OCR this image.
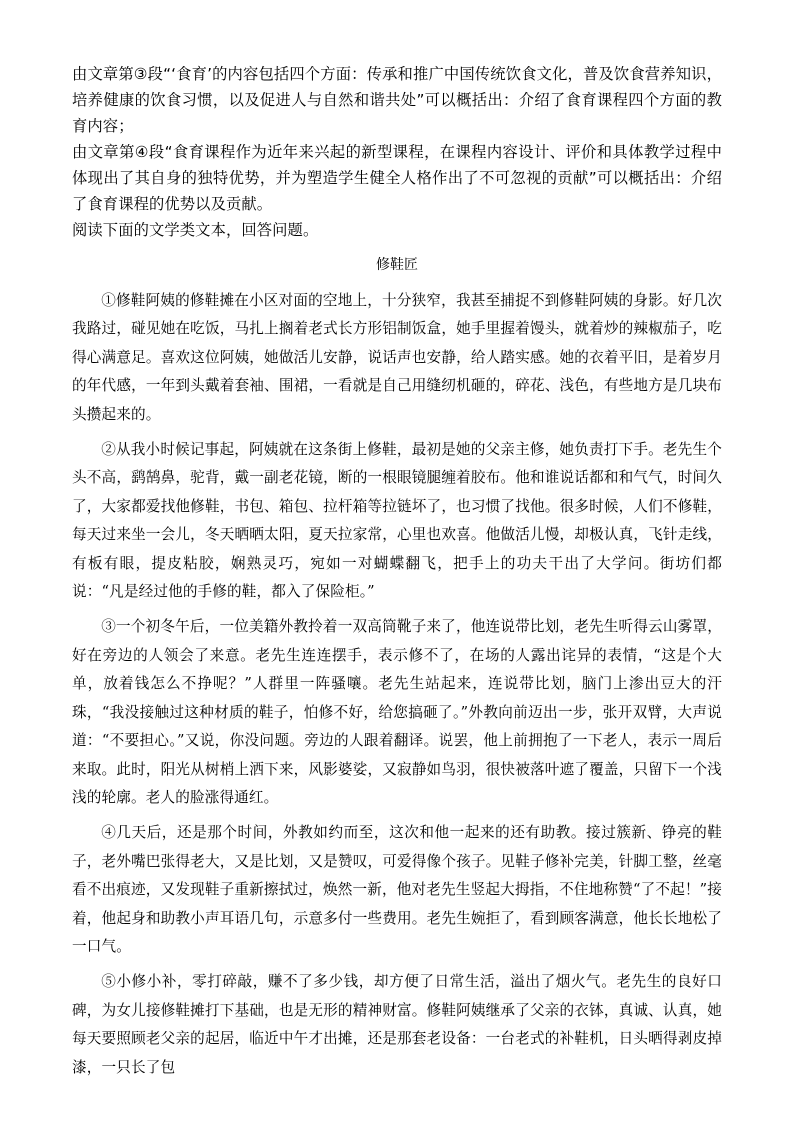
由文章第③段“‘食育’的内容包括四个方面：传承和推广中国传统饮食文化，普及饮食营养知识，培养健康的饮食习惯，以及促进人与自然和谐共处”可以概括出：介绍了食育课程四个方面的教育内容；

由文章第④段“食育课程作为近年来兴起的新型课程，在课程内容设计、评价和具体教学过程中体现出了其自身的独特优势，并为塑造学生健全人格作出了不可忽视的贡献”可以概括出：介绍了食育课程的优势以及贡献。

阅读下面的文学类文本，回答问题。

修鞋匠

①修鞋阿姨的修鞋摊在小区对面的空地上，十分狭窄，我甚至捕捉不到修鞋阿姨的身影。好几次我路过，碰见她在吃饭，马扎上搁着老式长方形铝制饭盒，她手里握着馒头，就着炒的辣椒茄子，吃得心满意足。喜欢这位阿姨，她做活儿安静，说话声也安静，给人踏实感。她的衣着平旧，是着岁月的年代感，一年到头戴着套袖、围裙，一看就是自己用缝纫机砸的，碎花、浅色，有些地方是几块布头攒起来的。

②从我小时候记事起，阿姨就在这条街上修鞋，最初是她的父亲主修，她负责打下手。老先生个头不高，鹞鹄鼻，驼背，戴一副老花镜，断的一根眼镜腿缠着胶布。他和谁说话都和和气气，时间久了，大家都爱找他修鞋，书包、箱包、拉杆箱等拉链坏了，也习惯了找他。很多时候，人们不修鞋，每天过来坐一会儿，冬天晒晒太阳，夏天拉家常，心里也欢喜。他做活儿慢，却极认真，飞针走线，有板有眼，提皮粘胶，娴熟灵巧，宛如一对蝴蝶翻飞，把手上的功夫干出了大学问。街坊们都说：“凡是经过他的手修的鞋，都入了保险柜。”

③一个初冬午后，一位美籍外教拎着一双高筒靴子来了，他连说带比划，老先生听得云山雾罩，好在旁边的人领会了来意。老先生连连摆手，表示修不了，在场的人露出诧异的表情，“这是个大单，放着钱怎么不挣呢？”人群里一阵骚嚷。老先生站起来，连说带比划，脑门上渗出豆大的汗珠，“我没接触过这种材质的鞋子，怕修不好，给您搞砸了。”外教向前迈出一步，张开双臂，大声说道：“不要担心。”又说，你没问题。旁边的人跟着翻译。说罢，他上前拥抱了一下老人，表示一周后来取。此时，阳光从树梢上洒下来，风影婆娑，又寂静如鸟羽，很快被落叶遮了覆盖，只留下一个浅浅的轮廓。老人的脸涨得通红。

④几天后，还是那个时间，外教如约而至，这次和他一起来的还有助教。接过簇新、铮亮的鞋子，老外嘴巴张得老大，又是比划，又是赞叹，可爱得像个孩子。见鞋子修补完美，针脚工整，丝毫看不出痕迹，又发现鞋子重新擦拭过，焕然一新，他对老先生竖起大拇指，不住地称赞“了不起！”接着，他起身和助教小声耳语几句，示意多付一些费用。老先生婉拒了，看到顾客满意，他长长地松了一口气。

⑤小修小补，零打碎敲，赚不了多少钱，却方便了日常生活，溢出了烟火气。老先生的良好口碑，为女儿接修鞋摊打下基础，也是无形的精神财富。修鞋阿姨继承了父亲的衣钵，真诚、认真，她每天要照顾老父亲的起居，临近中午才出摊，还是那套老设备：一台老式的补鞋机，日头晒得剥皮掉漆，一只长了包
